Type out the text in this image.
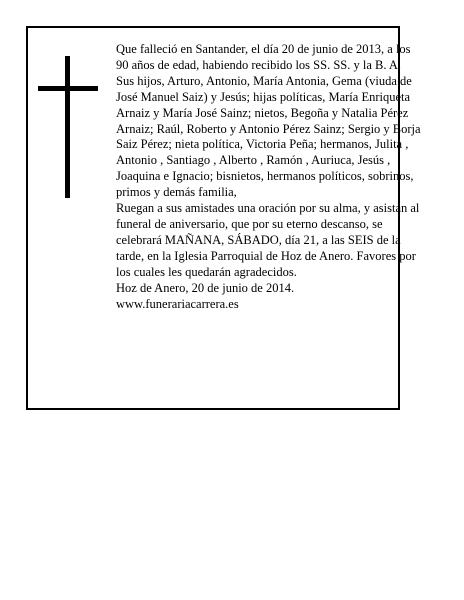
Que falleció en Santander, el día 20 de junio de 2013, a los 90 años de edad, habiendo recibido los SS. SS. y la B. A.

Sus hijos, Arturo, Antonio, María Antonia, Gema (viuda de José Manuel Saiz) y Jesús; hijas políticas, María Enriqueta Arnaiz y María José Sainz; nietos, Begoña y Natalia Pérez Arnaiz; Raúl, Roberto y Antonio Pérez Sainz; Sergio y Borja Saiz Pérez; nieta política, Victoria Peña; hermanos, Julita , Antonio , Santiago , Alberto , Ramón , Auriuca, Jesús , Joaquina e Ignacio; bisnietos, hermanos políticos, sobrinos, primos y demás familia,

Ruegan a sus amistades una oración por su alma, y asistan al funeral de aniversario, que por su eterno descanso, se celebrará MAÑANA, SÁBADO, día 21, a las SEIS de la tarde, en la Iglesia Parroquial de Hoz de Anero. Favores por los cuales les quedarán agradecidos.

Hoz de Anero, 20 de junio de 2014.

www.funerariacarrera.es
